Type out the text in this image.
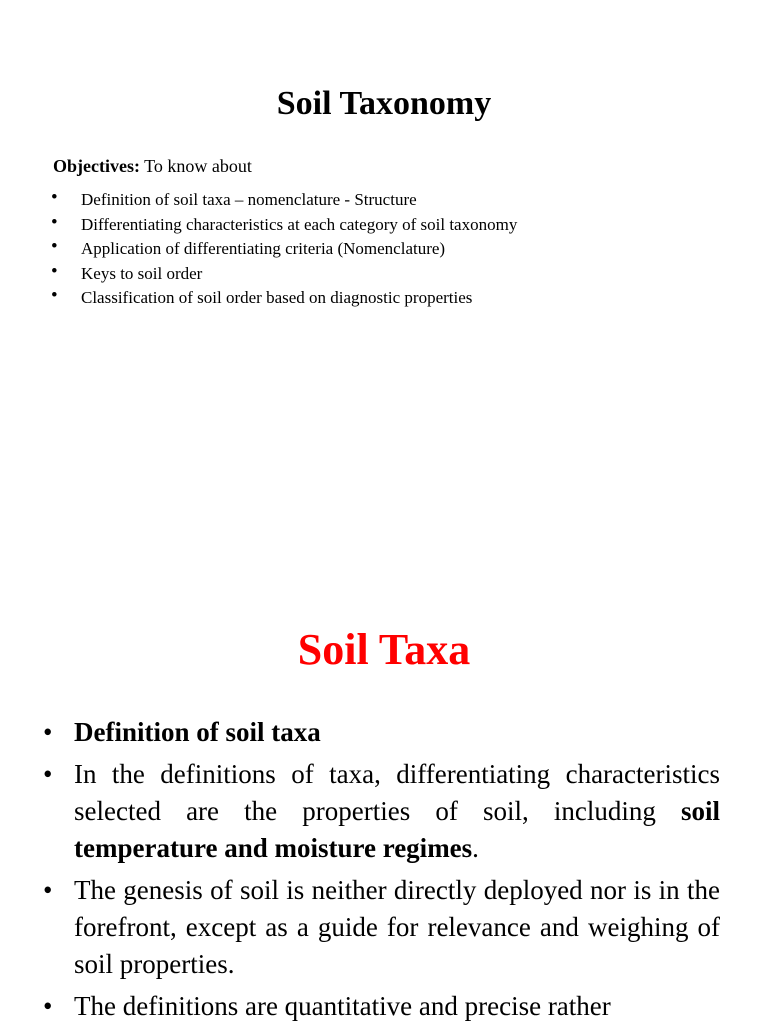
Soil Taxonomy

Objectives: To know about

• Definition of soil taxa – nomenclature - Structure
• Differentiating characteristics at each category of soil taxonomy
• Application of differentiating criteria (Nomenclature)
• Keys to soil order
• Classification of soil order based on diagnostic properties
Soil Taxa
• Definition of soil taxa
• In the definitions of taxa, differentiating characteristics selected are the properties of soil, including soil temperature and moisture regimes.
• The genesis of soil is neither directly deployed nor is in the forefront, except as a guide for relevance and weighing of soil properties.
• The definitions are quantitative and precise rather
